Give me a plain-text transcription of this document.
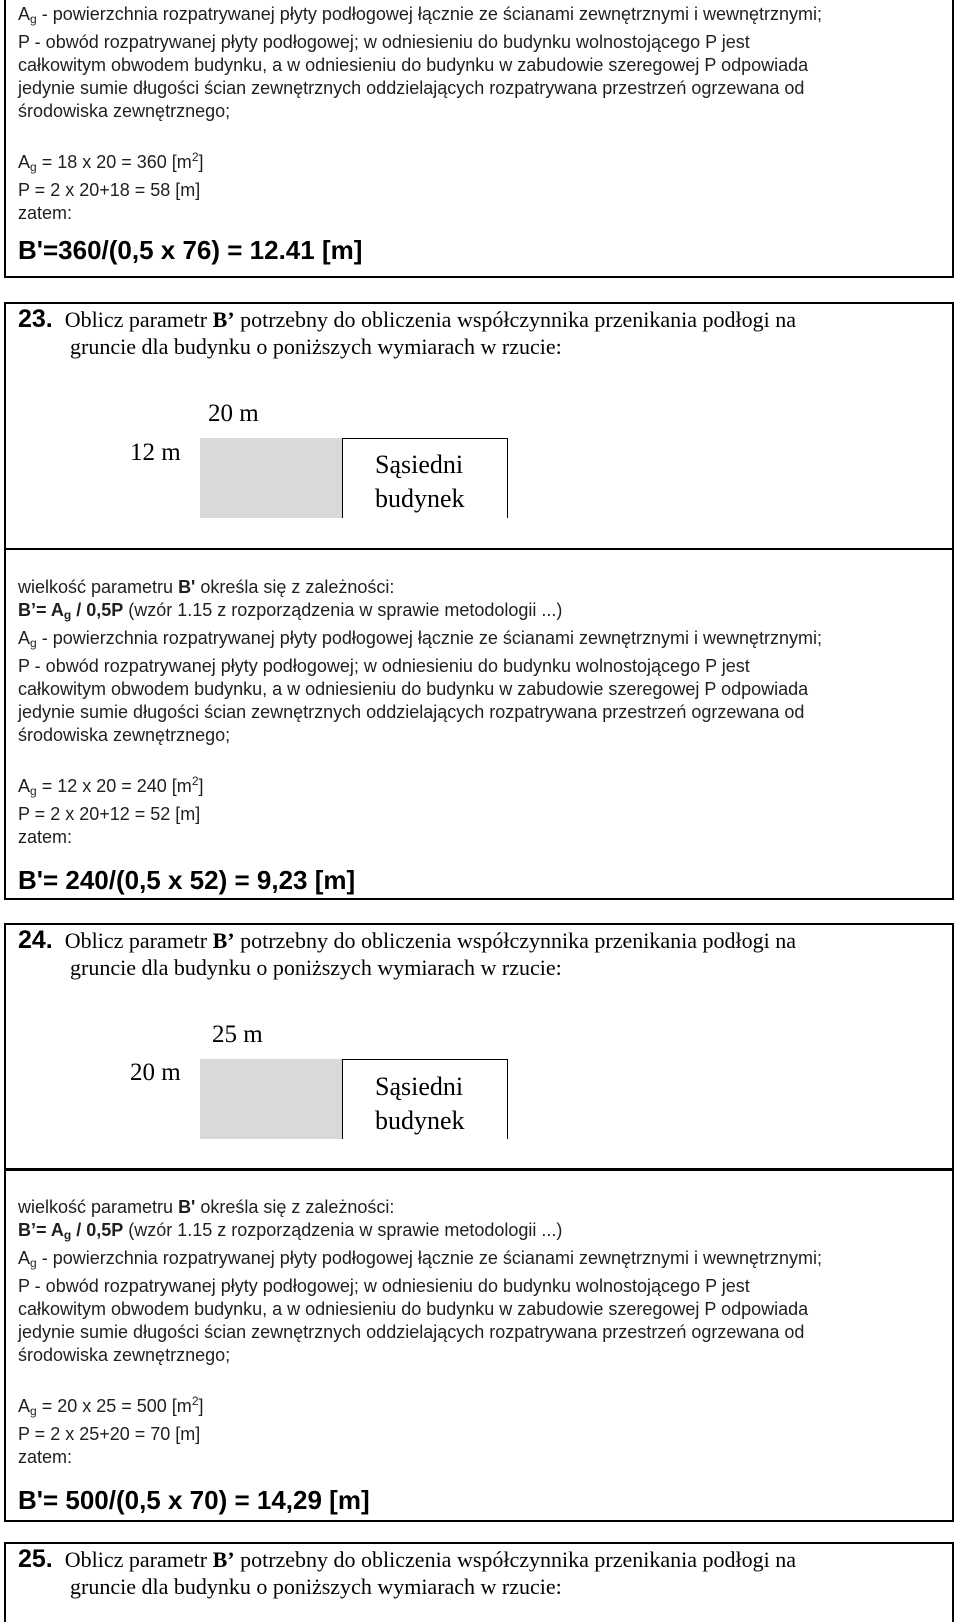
$A_g$ - powierzchnia rozpatrywanej płyty podłogowej łącznie ze ścianami zewnętrznymi i wewnętrznymi;
P - obwód rozpatrywanej płyty podłogowej; w odniesieniu do budynku wolnostojącego P jest
całkowitym obwodem budynku, a w odniesieniu do budynku w zabudowie szeregowej P odpowiada
jedynie sumie długości ścian zewnętrznych oddzielających rozpatrywana przestrzeń ogrzewana od
środowiska zewnętrznego;
$A_g = 18$ x 20 = 360 $[m^2]$
P = 2 x 20+18 = 58 [m]
zatem:
B'=360/(0,5 x 76) = 12.41 [m]
23. Oblicz parametr B’ potrzebny do obliczenia współczynnika przenikania podłogi na
gruncie dla budynku o poniższych wymiarach w rzucie:
20 m
12 m	Sąsiedni
budynek
wielkość parametru B' określa się z zależności:
B’= $A_g / 0,5P$ (wzór 1.15 z rozporządzenia w sprawie metodologii ...)
$A_g$ - powierzchnia rozpatrywanej płyty podłogowej łącznie ze ścianami zewnętrznymi i wewnętrznymi;
P - obwód rozpatrywanej płyty podłogowej; w odniesieniu do budynku wolnostojącego P jest
całkowitym obwodem budynku, a w odniesieniu do budynku w zabudowie szeregowej P odpowiada
jedynie sumie długości ścian zewnętrznych oddzielających rozpatrywana przestrzeń ogrzewana od
środowiska zewnętrznego;
$A_g = 12$ x 20 = 240 $[m^2]$
P = 2 x 20+12 = 52 [m]
zatem:
B'= 240/(0,5 x 52) = 9,23 [m]
24. Oblicz parametr B’ potrzebny do obliczenia współczynnika przenikania podłogi na
gruncie dla budynku o poniższych wymiarach w rzucie:
25 m
20 m	Sąsiedni
budynek
wielkość parametru B' określa się z zależności:
B’= $A_g / 0,5P$ (wzór 1.15 z rozporządzenia w sprawie metodologii ...)
$A_g$ - powierzchnia rozpatrywanej płyty podłogowej łącznie ze ścianami zewnętrznymi i wewnętrznymi;
P - obwód rozpatrywanej płyty podłogowej; w odniesieniu do budynku wolnostojącego P jest
całkowitym obwodem budynku, a w odniesieniu do budynku w zabudowie szeregowej P odpowiada
jedynie sumie długości ścian zewnętrznych oddzielających rozpatrywana przestrzeń ogrzewana od
środowiska zewnętrznego;
$A_g = 20$ x 25 = 500 $[m^2]$
P = 2 x 25+20 = 70 [m]
zatem:
B'= 500/(0,5 x 70) = 14,29 [m]
25. Oblicz parametr B’ potrzebny do obliczenia współczynnika przenikania podłogi na
gruncie dla budynku o poniższych wymiarach w rzucie:
